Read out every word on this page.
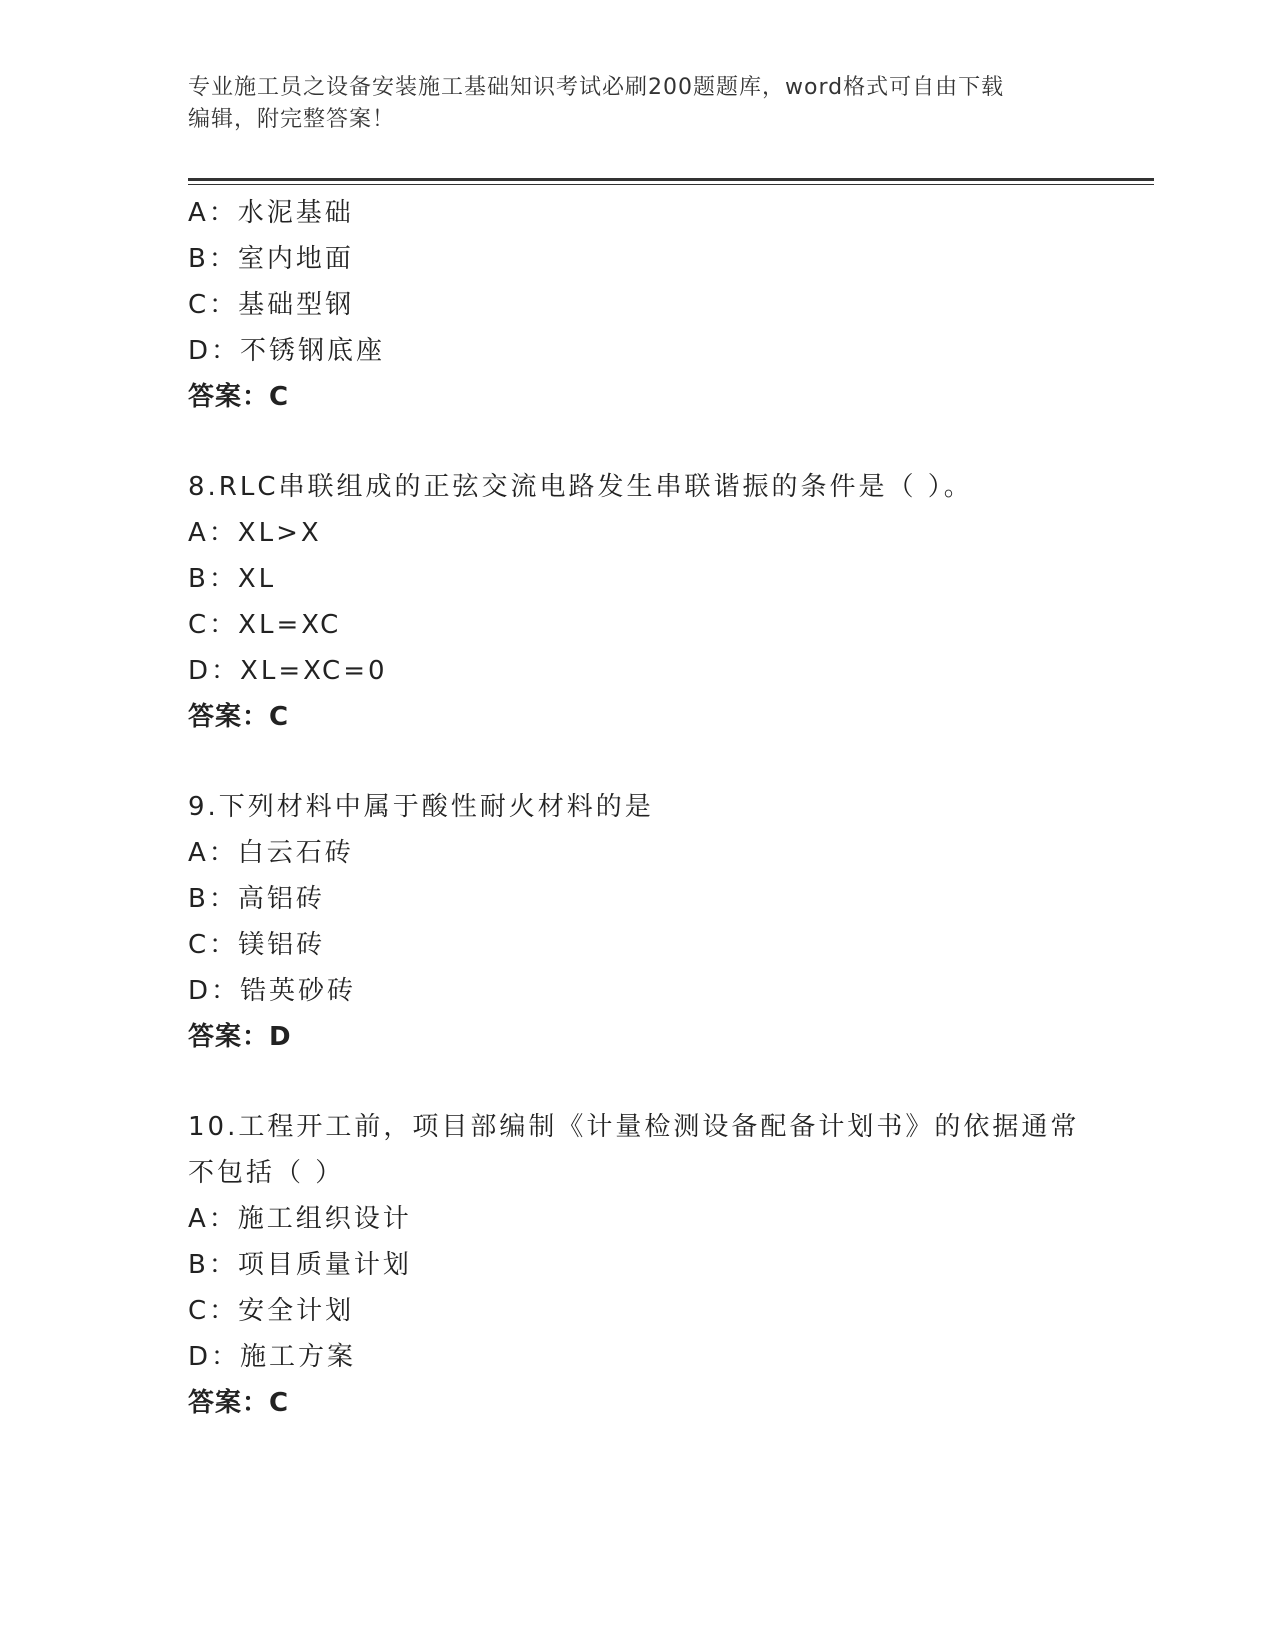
专业施工员之设备安装施工基础知识考试必刷200题题库，word格式可自由下载
编辑，附完整答案！
A：水泥基础
B：室内地面
C：基础型钢
D：不锈钢底座
答案：C
8.RLC串联组成的正弦交流电路发生串联谐振的条件是（ ）。
A：XL>X
B：XL
C：XL=XC
D：XL=XC=0
答案：C
9.下列材料中属于酸性耐火材料的是
A：白云石砖
B：高铝砖
C：镁铝砖
D：锆英砂砖
答案：D
10.工程开工前，项目部编制《计量检测设备配备计划书》的依据通常
不包括（ ）
A：施工组织设计
B：项目质量计划
C：安全计划
D：施工方案
答案：C
